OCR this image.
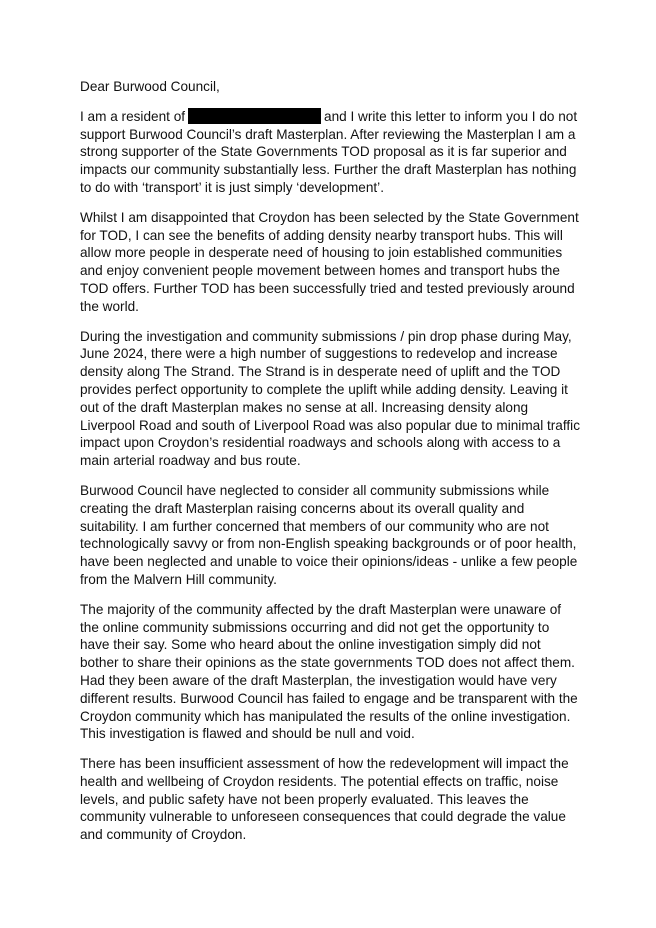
Dear Burwood Council,

I am a resident of	and I write this letter to inform you I do not support Burwood Council’s draft Masterplan. After reviewing the Masterplan I am a strong supporter of the State Governments TOD proposal as it is far superior and impacts our community substantially less. Further the draft Masterplan has nothing to do with ‘transport’ it is just simply ‘development’.

Whilst I am disappointed that Croydon has been selected by the State Government for TOD, I can see the benefits of adding density nearby transport hubs. This will allow more people in desperate need of housing to join established communities and enjoy convenient people movement between homes and transport hubs the TOD offers. Further TOD has been successfully tried and tested previously around the world.

During the investigation and community submissions / pin drop phase during May, June 2024, there were a high number of suggestions to redevelop and increase density along The Strand. The Strand is in desperate need of uplift and the TOD provides perfect opportunity to complete the uplift while adding density. Leaving it out of the draft Masterplan makes no sense at all. Increasing density along Liverpool Road and south of Liverpool Road was also popular due to minimal traffic impact upon Croydon’s residential roadways and schools along with access to a main arterial roadway and bus route.

Burwood Council have neglected to consider all community submissions while creating the draft Masterplan raising concerns about its overall quality and suitability. I am further concerned that members of our community who are not technologically savvy or from non-English speaking backgrounds or of poor health, have been neglected and unable to voice their opinions/ideas - unlike a few people from the Malvern Hill community.

The majority of the community affected by the draft Masterplan were unaware of the online community submissions occurring and did not get the opportunity to have their say. Some who heard about the online investigation simply did not bother to share their opinions as the state governments TOD does not affect them. Had they been aware of the draft Masterplan, the investigation would have very different results. Burwood Council has failed to engage and be transparent with the Croydon community which has manipulated the results of the online investigation. This investigation is flawed and should be null and void.

There has been insufficient assessment of how the redevelopment will impact the health and wellbeing of Croydon residents. The potential effects on traffic, noise levels, and public safety have not been properly evaluated. This leaves the community vulnerable to unforeseen consequences that could degrade the value and community of Croydon.
